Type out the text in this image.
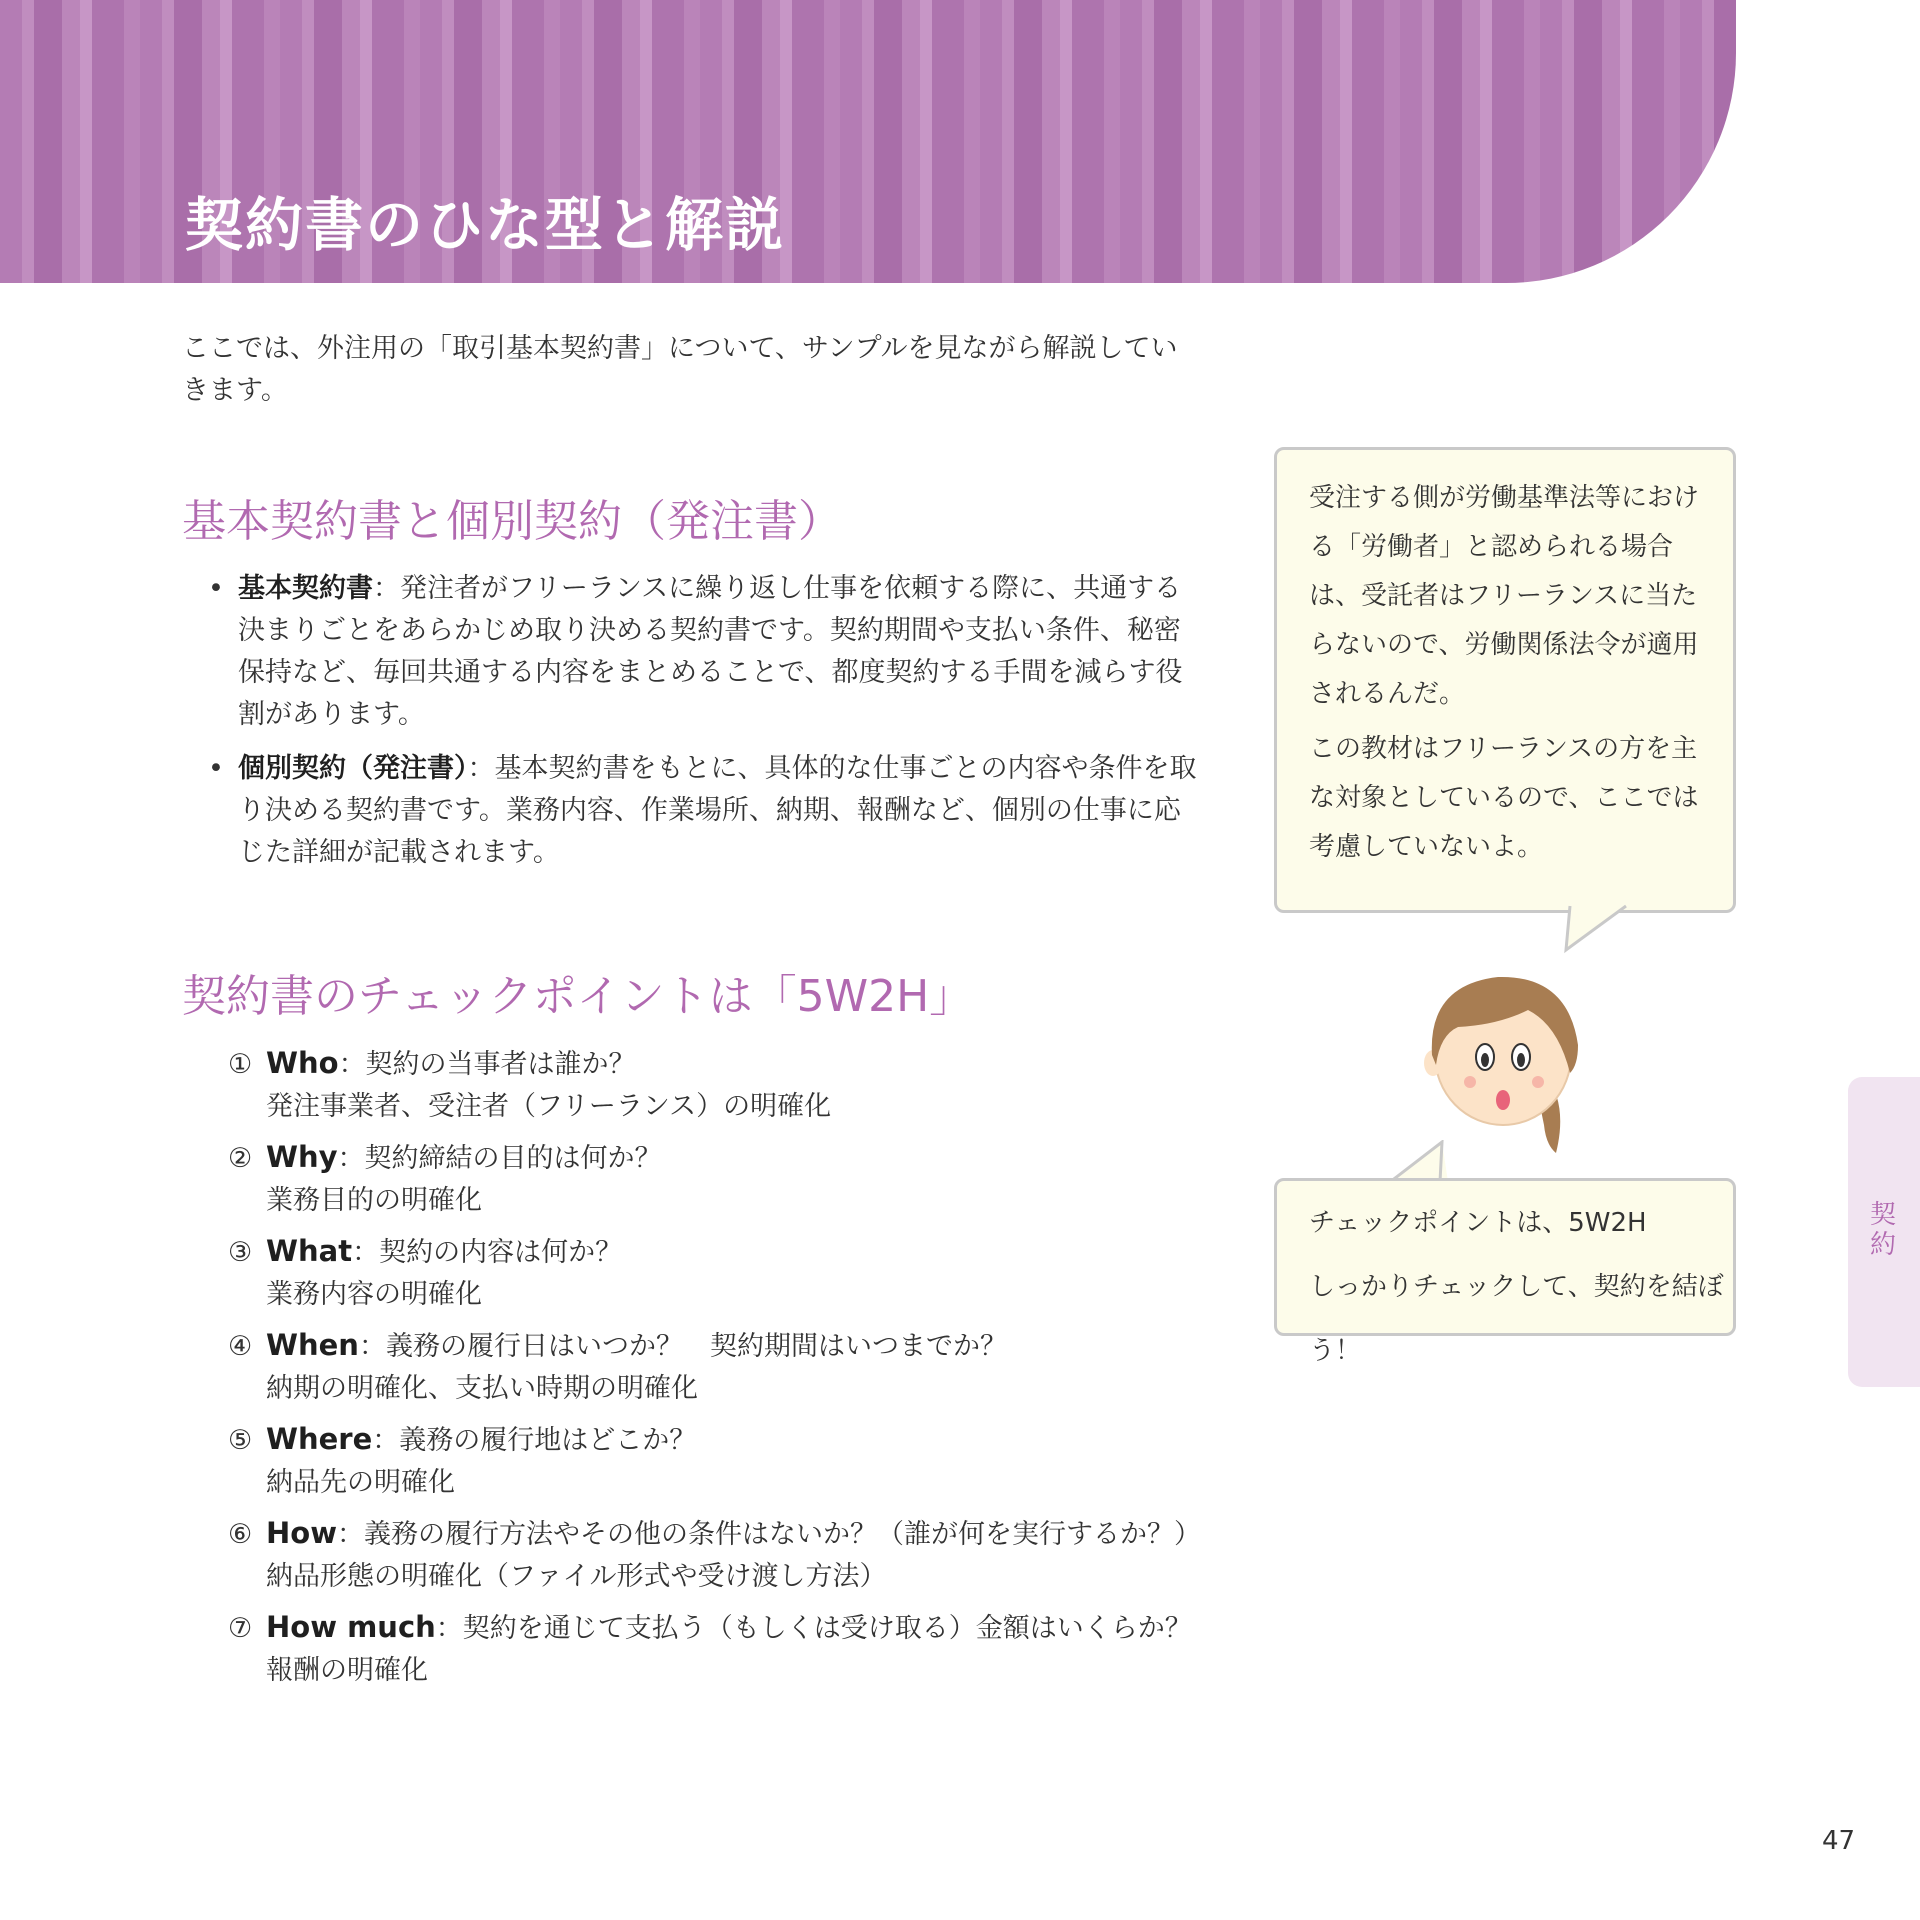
契約書のひな型と解説

ここでは、外注用の「取引基本契約書」について、サンプルを見ながら解説していきます。

基本契約書と個別契約（発注書）
• 基本契約書：発注者がフリーランスに繰り返し仕事を依頼する際に、共通する決まりごとをあらかじめ取り決める契約書です。契約期間や支払い条件、秘密保持など、毎回共通する内容をまとめることで、都度契約する手間を減らす役割があります。
• 個別契約（発注書）：基本契約書をもとに、具体的な仕事ごとの内容や条件を取り決める契約書です。業務内容、作業場所、納期、報酬など、個別の仕事に応じた詳細が記載されます。
契約書のチェックポイントは「5W2H」
① Who：契約の当事者は誰か？
発注事業者、受注者（フリーランス）の明確化
② Why：契約締結の目的は何か？
業務目的の明確化
③ What：契約の内容は何か？
業務内容の明確化
④ When：義務の履行日はいつか？　契約期間はいつまでか？
納期の明確化、支払い時期の明確化
⑤ Where：義務の履行地はどこか？
納品先の明確化
⑥ How：義務の履行方法やその他の条件はないか？（誰が何を実行するか？）
納品形態の明確化（ファイル形式や受け渡し方法）
⑦ How much：契約を通じて支払う（もしくは受け取る）金額はいくらか？
報酬の明確化

受注する側が労働基準法等における「労働者」と認められる場合は、受託者はフリーランスに当たらないので、労働関係法令が適用されるんだ。

この教材はフリーランスの方を主な対象としているので、ここでは考慮していないよ。

チェックポイントは、5W2H

しっかりチェックして、契約を結ぼう！

契約
47
